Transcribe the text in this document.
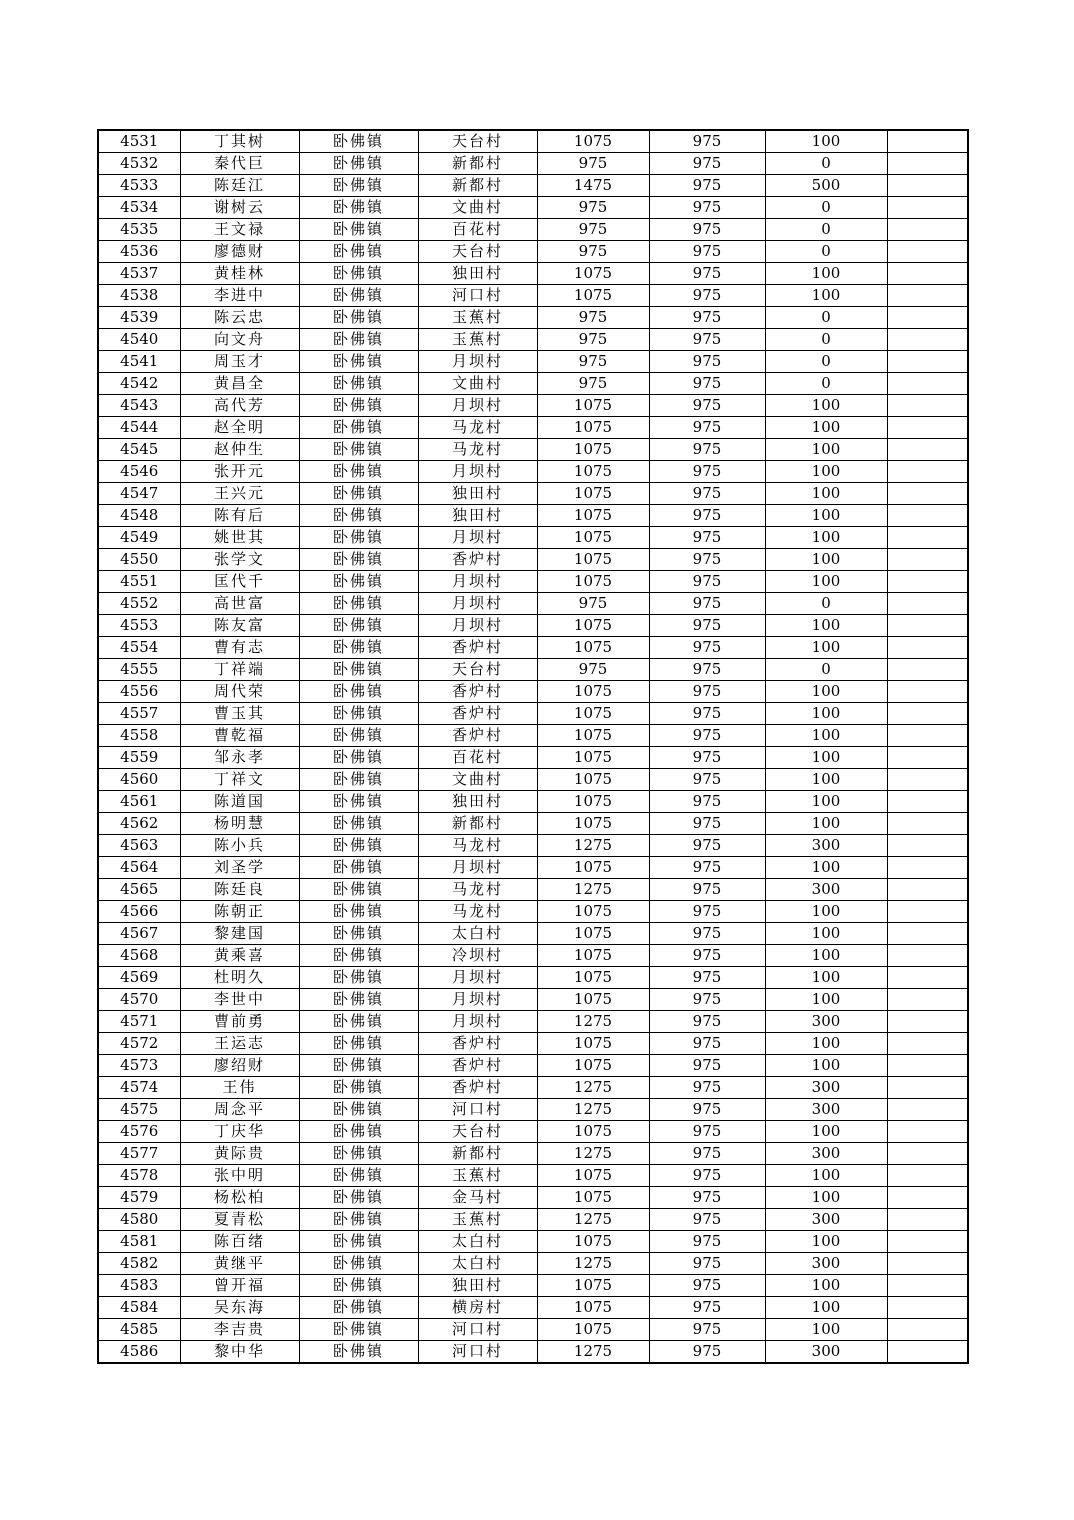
4531	丁其树	卧佛镇	天台村	1075	975	100	
4532	秦代巨	卧佛镇	新都村	975	975	0	
4533	陈廷江	卧佛镇	新都村	1475	975	500	
4534	谢树云	卧佛镇	文曲村	975	975	0	
4535	王文禄	卧佛镇	百花村	975	975	0	
4536	廖德财	卧佛镇	天台村	975	975	0	
4537	黄桂林	卧佛镇	独田村	1075	975	100	
4538	李进中	卧佛镇	河口村	1075	975	100	
4539	陈云忠	卧佛镇	玉蕉村	975	975	0	
4540	向文舟	卧佛镇	玉蕉村	975	975	0	
4541	周玉才	卧佛镇	月坝村	975	975	0	
4542	黄昌全	卧佛镇	文曲村	975	975	0	
4543	高代芳	卧佛镇	月坝村	1075	975	100	
4544	赵全明	卧佛镇	马龙村	1075	975	100	
4545	赵仲生	卧佛镇	马龙村	1075	975	100	
4546	张开元	卧佛镇	月坝村	1075	975	100	
4547	王兴元	卧佛镇	独田村	1075	975	100	
4548	陈有后	卧佛镇	独田村	1075	975	100	
4549	姚世其	卧佛镇	月坝村	1075	975	100	
4550	张学文	卧佛镇	香炉村	1075	975	100	
4551	匡代千	卧佛镇	月坝村	1075	975	100	
4552	高世富	卧佛镇	月坝村	975	975	0	
4553	陈友富	卧佛镇	月坝村	1075	975	100	
4554	曹有志	卧佛镇	香炉村	1075	975	100	
4555	丁祥端	卧佛镇	天台村	975	975	0	
4556	周代荣	卧佛镇	香炉村	1075	975	100	
4557	曹玉其	卧佛镇	香炉村	1075	975	100	
4558	曹乾福	卧佛镇	香炉村	1075	975	100	
4559	邹永孝	卧佛镇	百花村	1075	975	100	
4560	丁祥文	卧佛镇	文曲村	1075	975	100	
4561	陈道国	卧佛镇	独田村	1075	975	100	
4562	杨明慧	卧佛镇	新都村	1075	975	100	
4563	陈小兵	卧佛镇	马龙村	1275	975	300	
4564	刘圣学	卧佛镇	月坝村	1075	975	100	
4565	陈廷良	卧佛镇	马龙村	1275	975	300	
4566	陈朝正	卧佛镇	马龙村	1075	975	100	
4567	黎建国	卧佛镇	太白村	1075	975	100	
4568	黄乘喜	卧佛镇	冷坝村	1075	975	100	
4569	杜明久	卧佛镇	月坝村	1075	975	100	
4570	李世中	卧佛镇	月坝村	1075	975	100	
4571	曹前勇	卧佛镇	月坝村	1275	975	300	
4572	王运志	卧佛镇	香炉村	1075	975	100	
4573	廖绍财	卧佛镇	香炉村	1075	975	100	
4574	王伟	卧佛镇	香炉村	1275	975	300	
4575	周念平	卧佛镇	河口村	1275	975	300	
4576	丁庆华	卧佛镇	天台村	1075	975	100	
4577	黄际贵	卧佛镇	新都村	1275	975	300	
4578	张中明	卧佛镇	玉蕉村	1075	975	100	
4579	杨松柏	卧佛镇	金马村	1075	975	100	
4580	夏青松	卧佛镇	玉蕉村	1275	975	300	
4581	陈百绪	卧佛镇	太白村	1075	975	100	
4582	黄继平	卧佛镇	太白村	1275	975	300	
4583	曾开福	卧佛镇	独田村	1075	975	100	
4584	吴东海	卧佛镇	横房村	1075	975	100	
4585	李吉贵	卧佛镇	河口村	1075	975	100	
4586	黎中华	卧佛镇	河口村	1275	975	300	
